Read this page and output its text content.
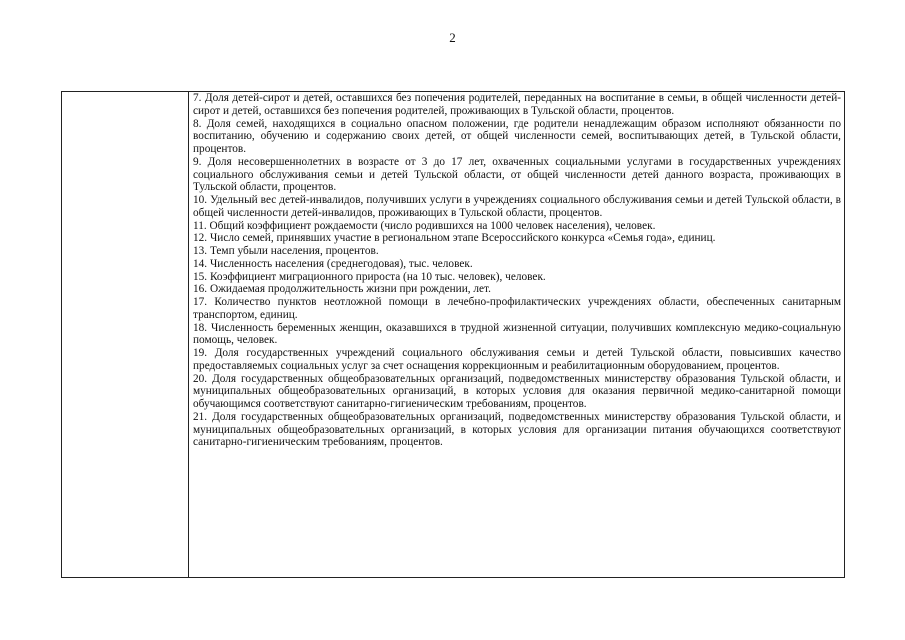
2

7. Доля детей-сирот и детей, оставшихся без попечения родителей, переданных на воспитание в семьи, в общей численности детей-сирот и детей, оставшихся без попечения родителей, проживающих в Тульской области, процентов.

8. Доля семей, находящихся в социально опасном положении, где родители ненадлежащим образом исполняют обязанности по воспитанию, обучению и содержанию своих детей, от общей численности семей, воспитывающих детей, в Тульской области, процентов.

9. Доля несовершеннолетних в возрасте от 3 до 17 лет, охваченных социальными услугами в государственных учреждениях социального обслуживания семьи и детей Тульской области, от общей численности детей данного возраста, проживающих в Тульской области, процентов.

10. Удельный вес детей-инвалидов, получивших услуги в учреждениях социального обслуживания семьи и детей Тульской области, в общей численности детей-инвалидов, проживающих в Тульской области, процентов.

11. Общий коэффициент рождаемости (число родившихся на 1000 человек населения), человек.

12. Число семей, принявших участие в региональном этапе Всероссийского конкурса «Семья года», единиц.

13. Темп убыли населения, процентов.

14. Численность населения (среднегодовая), тыс. человек.

15. Коэффициент миграционного прироста (на 10 тыс. человек), человек.

16. Ожидаемая продолжительность жизни при рождении, лет.

17. Количество пунктов неотложной помощи в лечебно-профилактических учреждениях области, обеспеченных санитарным транспортом, единиц.

18. Численность беременных женщин, оказавшихся в трудной жизненной ситуации, получивших комплексную медико-социальную помощь, человек.

19. Доля государственных учреждений социального обслуживания семьи и детей Тульской области, повысивших качество предоставляемых социальных услуг за счет оснащения коррекционным и реабилитационным оборудованием, процентов.

20. Доля государственных общеобразовательных организаций, подведомственных министерству образования Тульской области, и муниципальных общеобразовательных организаций, в которых условия для оказания первичной медико-санитарной помощи обучающимся соответствуют санитарно-гигиеническим требованиям, процентов.

21. Доля государственных общеобразовательных организаций, подведомственных министерству образования Тульской области, и муниципальных общеобразовательных организаций, в которых условия для организации питания обучающихся соответствуют санитарно-гигиеническим требованиям, процентов.
